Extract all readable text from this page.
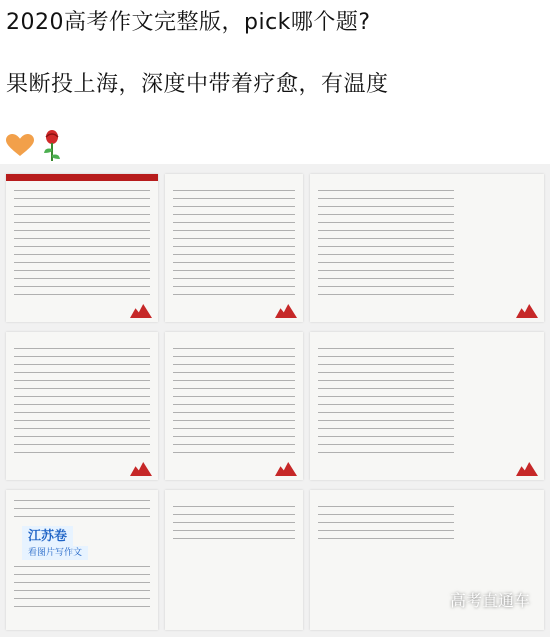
2020高考作文完整版，pick哪个题?
果断投上海，深度中带着疗愈，有温度
江苏卷
看图片写作文
高考直通车
